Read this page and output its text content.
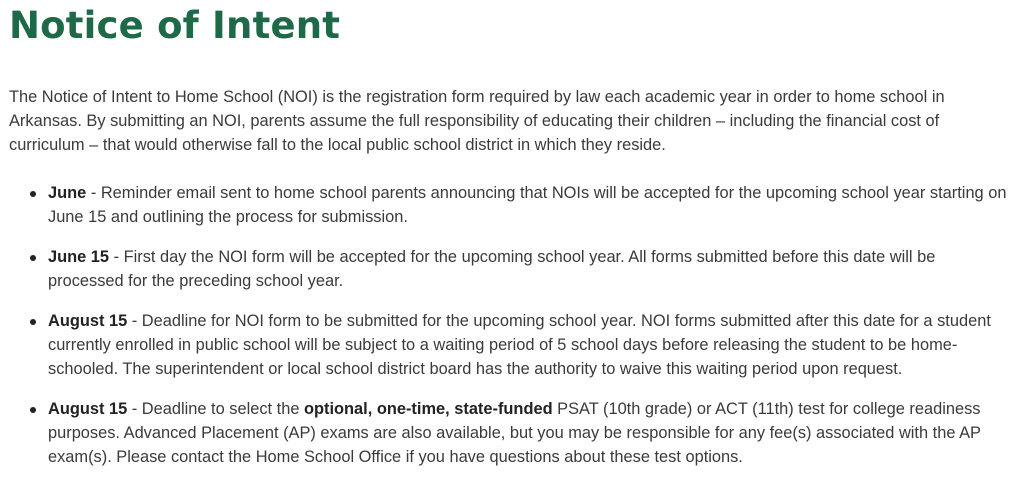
Notice of Intent

The Notice of Intent to Home School (NOI) is the registration form required by law each academic year in order to home school in Arkansas. By submitting an NOI, parents assume the full responsibility of educating their children – including the financial cost of curriculum – that would otherwise fall to the local public school district in which they reside.

June - Reminder email sent to home school parents announcing that NOIs will be accepted for the upcoming school year starting on June 15 and outlining the process for submission.
June 15 - First day the NOI form will be accepted for the upcoming school year. All forms submitted before this date will be processed for the preceding school year.
August 15 - Deadline for NOI form to be submitted for the upcoming school year. NOI forms submitted after this date for a student currently enrolled in public school will be subject to a waiting period of 5 school days before releasing the student to be home-schooled. The superintendent or local school district board has the authority to waive this waiting period upon request.
August 15 - Deadline to select the optional, one-time, state-funded PSAT (10th grade) or ACT (11th) test for college readiness purposes. Advanced Placement (AP) exams are also available, but you may be responsible for any fee(s) associated with the AP exam(s). Please contact the Home School Office if you have questions about these test options.
